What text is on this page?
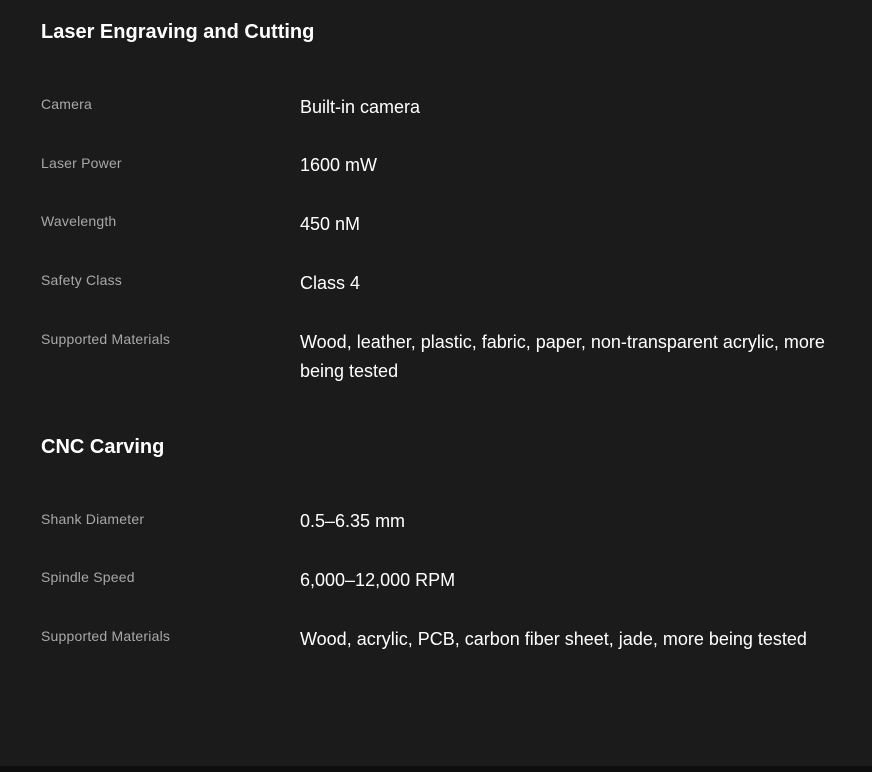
Laser Engraving and Cutting
Camera	Built-in camera
Laser Power	1600 mW
Wavelength	450 nM
Safety Class	Class 4
Supported Materials	Wood, leather, plastic, fabric, paper, non-transparent acrylic, more being tested
CNC Carving
Shank Diameter	0.5–6.35 mm
Spindle Speed	6,000–12,000 RPM
Supported Materials	Wood, acrylic, PCB, carbon fiber sheet, jade, more being tested
